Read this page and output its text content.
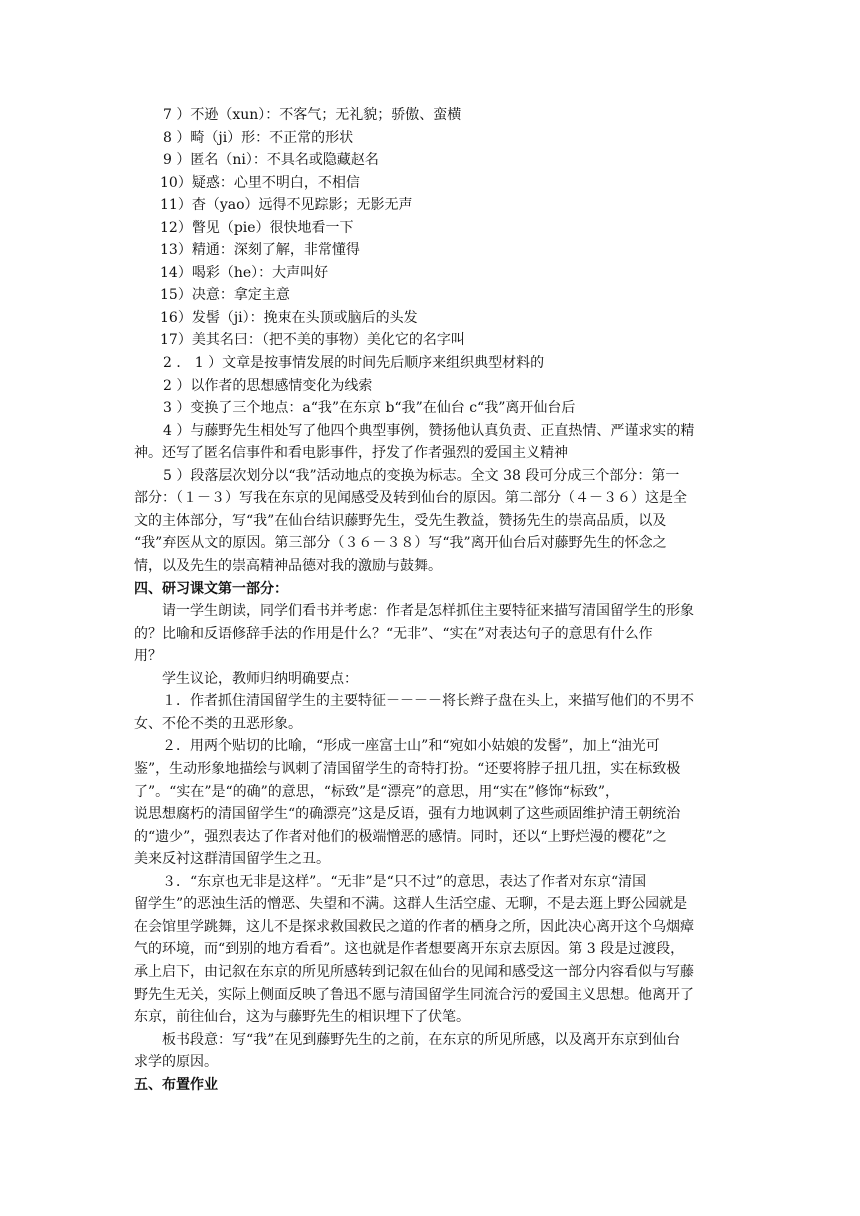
7 ）不逊（xun）：不客气；无礼貌；骄傲、蛮横
8 ）畸（ji）形：不正常的形状
9 ）匿名（ni）：不具名或隐藏赵名
10）疑惑：心里不明白，不相信
11）杳（yao）远得不见踪影；无影无声
12）瞥见（pie）很快地看一下
13）精通：深刻了解，非常懂得
14）喝彩（he）：大声叫好
15）决意：拿定主意
16）发髻（ji）：挽束在头顶或脑后的头发
17）美其名曰：（把不美的事物）美化它的名字叫
2 ． 1 ）文章是按事情发展的时间先后顺序来组织典型材料的
2 ）以作者的思想感情变化为线索
3 ）变换了三个地点：a“我”在东京 b“我”在仙台 c“我”离开仙台后
4 ）与藤野先生相处写了他四个典型事例，赞扬他认真负责、正直热情、严谨求实的精
神。还写了匿名信事件和看电影事件，抒发了作者强烈的爱国主义精神
5 ）段落层次划分以“我”活动地点的变换为标志。全文 38 段可分成三个部分：第一
部分：（１－３）写我在东京的见闻感受及转到仙台的原因。第二部分（４－３６）这是全
文的主体部分，写“我”在仙台结识藤野先生，受先生教益，赞扬先生的崇高品质，以及
“我”弃医从文的原因。第三部分（３６－３８）写“我”离开仙台后对藤野先生的怀念之
情，以及先生的崇高精神品德对我的激励与鼓舞。
四、研习课文第一部分：
请一学生朗读，同学们看书并考虑：作者是怎样抓住主要特征来描写清国留学生的形象
的？比喻和反语修辞手法的作用是什么？“无非”、“实在”对表达句子的意思有什么作
用？
学生议论，教师归纳明确要点：
１．作者抓住清国留学生的主要特征－－－－将长辫子盘在头上，来描写他们的不男不
女、不伦不类的丑恶形象。
２．用两个贴切的比喻，“形成一座富士山”和“宛如小姑娘的发髻”，加上“油光可
鉴”，生动形象地描绘与讽刺了清国留学生的奇特打扮。“还要将脖子扭几扭，实在标致极
了”。“实在”是“的确”的意思，“标致”是“漂亮”的意思，用“实在”修饰“标致”，
说思想腐朽的清国留学生“的确漂亮”这是反语，强有力地讽刺了这些顽固维护清王朝统治
的“遗少”，强烈表达了作者对他们的极端憎恶的感情。同时，还以“上野烂漫的樱花”之
美来反衬这群清国留学生之丑。
３．“东京也无非是这样”。“无非”是“只不过”的意思，表达了作者对东京“清国
留学生”的恶浊生活的憎恶、失望和不满。这群人生活空虚、无聊，不是去逛上野公园就是
在会馆里学跳舞，这儿不是探求救国救民之道的作者的栖身之所，因此决心离开这个乌烟瘴
气的环境，而“到别的地方看看”。这也就是作者想要离开东京去原因。第 3 段是过渡段，
承上启下，由记叙在东京的所见所感转到记叙在仙台的见闻和感受这一部分内容看似与写藤
野先生无关，实际上侧面反映了鲁迅不愿与清国留学生同流合污的爱国主义思想。他离开了
东京，前往仙台，这为与藤野先生的相识埋下了伏笔。
板书段意：写“我”在见到藤野先生的之前，在东京的所见所感，以及离开东京到仙台
求学的原因。
五、布置作业
